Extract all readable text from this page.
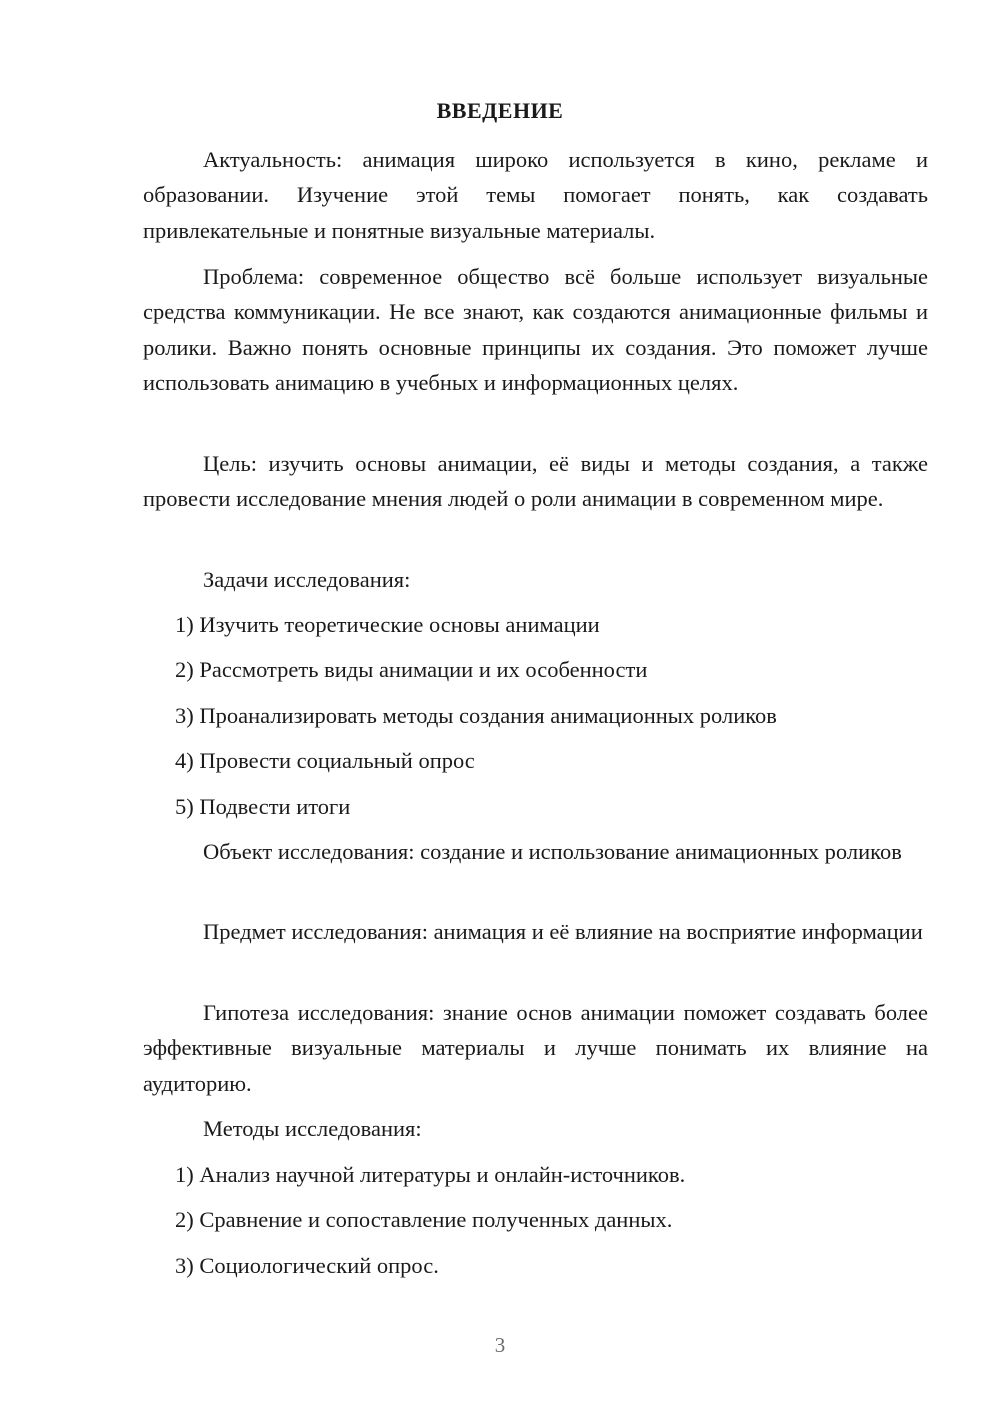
ВВЕДЕНИЕ

Актуальность: анимация широко используется в кино, рекламе и образовании. Изучение этой темы помогает понять, как создавать привлекательные и понятные визуальные материалы.

Проблема: современное общество всё больше использует визуальные средства коммуникации. Не все знают, как создаются анимационные фильмы и ролики. Важно понять основные принципы их создания. Это поможет лучше использовать анимацию в учебных и информационных целях.

Цель: изучить основы анимации, её виды и методы создания, а также провести исследование мнения людей о роли анимации в современном мире.

Задачи исследования:

1) Изучить теоретические основы анимации

2) Рассмотреть виды анимации и их особенности

3) Проанализировать методы создания анимационных роликов

4) Провести социальный опрос

5) Подвести итоги

Объект исследования: создание и использование анимационных роликов

Предмет исследования: анимация и её влияние на восприятие информации

Гипотеза исследования: знание основ анимации поможет создавать более эффективные визуальные материалы и лучше понимать их влияние на аудиторию.

Методы исследования:

1) Анализ научной литературы и онлайн-источников.

2) Сравнение и сопоставление полученных данных.

3) Социологический опрос.

3
